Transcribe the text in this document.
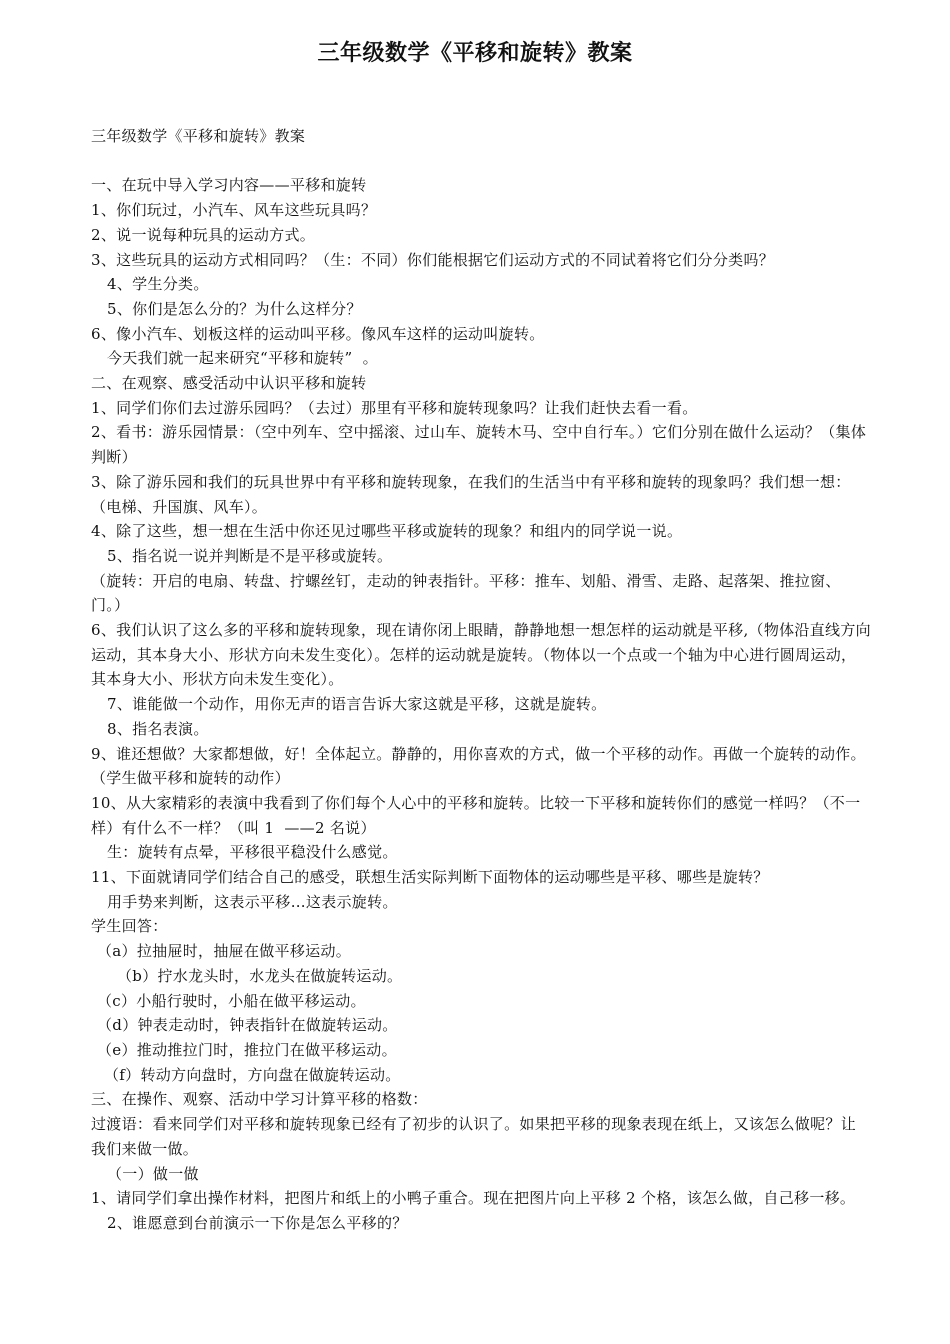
三年级数学《平移和旋转》教案

三年级数学《平移和旋转》教案

一、在玩中导入学习内容——平移和旋转

1、你们玩过，小汽车、风车这些玩具吗？

2、说一说每种玩具的运动方式。

3、这些玩具的运动方式相同吗？（生：不同）你们能根据它们运动方式的不同试着将它们分分类吗？

4、学生分类。

5、你们是怎么分的？为什么这样分？

6、像小汽车、划板这样的运动叫平移。像风车这样的运动叫旋转。

今天我们就一起来研究“平移和旋转”  。

二、在观察、感受活动中认识平移和旋转

1、同学们你们去过游乐园吗？（去过）那里有平移和旋转现象吗？让我们赶快去看一看。

2、看书：游乐园情景：（空中列车、空中摇滚、过山车、旋转木马、空中自行车。）它们分别在做什么运动？（集体判断）

3、除了游乐园和我们的玩具世界中有平移和旋转现象，在我们的生活当中有平移和旋转的现象吗？我们想一想：（电梯、升国旗、风车）。

4、除了这些，想一想在生活中你还见过哪些平移或旋转的现象？和组内的同学说一说。

5、指名说一说并判断是不是平移或旋转。

（旋转：开启的电扇、转盘、拧螺丝钉，走动的钟表指针。平移：推车、划船、滑雪、走路、起落架、推拉窗、门。）

6、我们认识了这么多的平移和旋转现象，现在请你闭上眼睛，静静地想一想怎样的运动就是平移,（物体沿直线方向运动，其本身大小、形状方向未发生变化）。怎样的运动就是旋转。（物体以一个点或一个轴为中心进行圆周运动，其本身大小、形状方向未发生变化）。

7、谁能做一个动作，用你无声的语言告诉大家这就是平移，这就是旋转。

8、指名表演。

9、谁还想做？大家都想做，好！全体起立。静静的，用你喜欢的方式，做一个平移的动作。再做一个旋转的动作。（学生做平移和旋转的动作）

10、从大家精彩的表演中我看到了你们每个人心中的平移和旋转。比较一下平移和旋转你们的感觉一样吗？（不一样）有什么不一样？（叫 1  ——2 名说）

生：旋转有点晕，平移很平稳没什么感觉。

11、下面就请同学们结合自己的感受，联想生活实际判断下面物体的运动哪些是平移、哪些是旋转？

用手势来判断，这表示平移…这表示旋转。

学生回答：

（a）拉抽屉时，抽屉在做平移运动。

（b）拧水龙头时，水龙头在做旋转运动。

（c）小船行驶时，小船在做平移运动。

（d）钟表走动时，钟表指针在做旋转运动。

（e）推动推拉门时，推拉门在做平移运动。

（f）转动方向盘时，方向盘在做旋转运动。

三、在操作、观察、活动中学习计算平移的格数：

过渡语：看来同学们对平移和旋转现象已经有了初步的认识了。如果把平移的现象表现在纸上，又该怎么做呢？让我们来做一做。

（一）做一做

1、请同学们拿出操作材料，把图片和纸上的小鸭子重合。现在把图片向上平移 2 个格，该怎么做，自己移一移。

2、谁愿意到台前演示一下你是怎么平移的？
